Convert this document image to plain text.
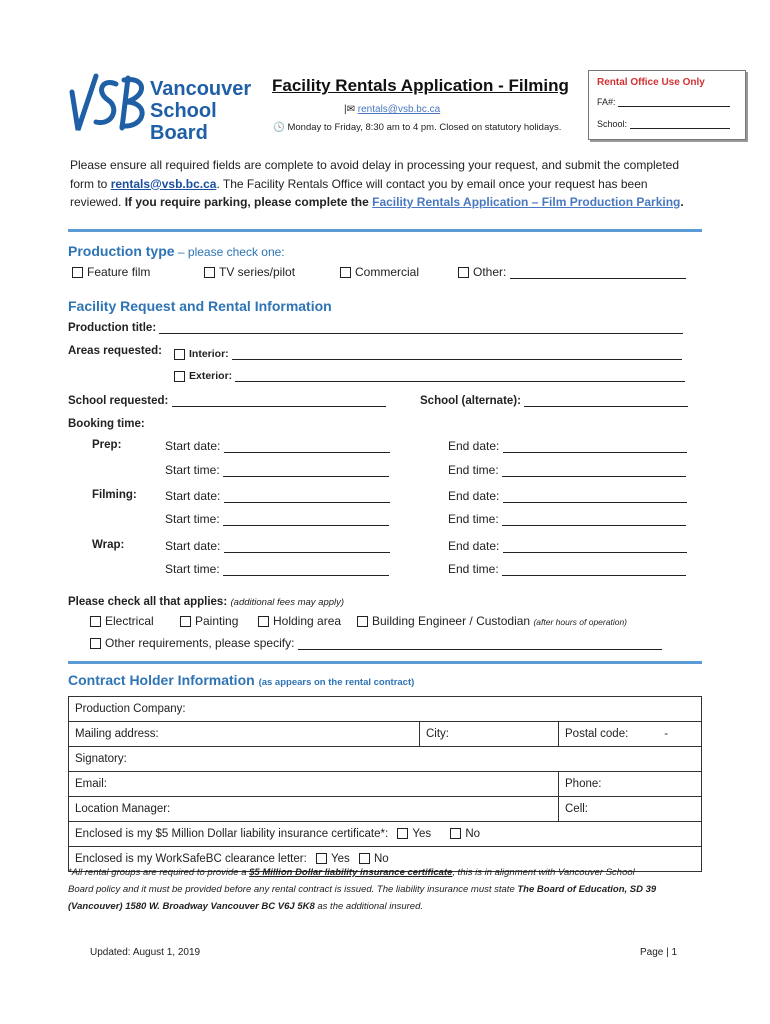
Vancouver
School Board
Facility Rentals Application - Filming
|✉ rentals@vsb.bc.ca
🕓 Monday to Friday, 8:30 am to 4 pm. Closed on statutory holidays.
Rental Office Use Only
FA#:
School:
Please ensure all required fields are complete to avoid delay in processing your request, and submit the completed
form to rentals@vsb.bc.ca. The Facility Rentals Office will contact you by email once your request has been
reviewed. If you require parking, please complete the Facility Rentals Application – Film Production Parking.
Production type – please check one:
Feature film	TV series/pilot	Commercial	Other:
Facility Request and Rental Information
Production title:
Areas requested:	Interior:
Exterior:
School requested:	School (alternate):
Booking time:
Prep:	Start date:	End date:
Start time:	End time:
Filming: Start date:	End date:
Start time:	End time:
Wrap:	Start date:	End date:
Start time:	End time:
Please check all that applies: (additional fees may apply)
Electrical	Painting	Holding area	Building Engineer / Custodian (after hours of operation)
Other requirements, please specify:
Contract Holder Information (as appears on the rental contract)
Production Company:		
Mailing address:	City:	Postal code: -
Signatory:		
Email:		Phone:
Location Manager:		Cell:
Enclosed is my $5 Million Dollar liability insurance certificate*: Yes No		
Enclosed is my WorkSafeBC clearance letter: Yes No		
*All rental groups are required to provide a $5 Million Dollar liability insurance certificate, this is in alignment with Vancouver School
Board policy and it must be provided before any rental contract is issued. The liability insurance must state The Board of Education, SD 39
(Vancouver) 1580 W. Broadway Vancouver BC V6J 5K8 as the additional insured.
Updated: August 1, 2019	Page | 1
